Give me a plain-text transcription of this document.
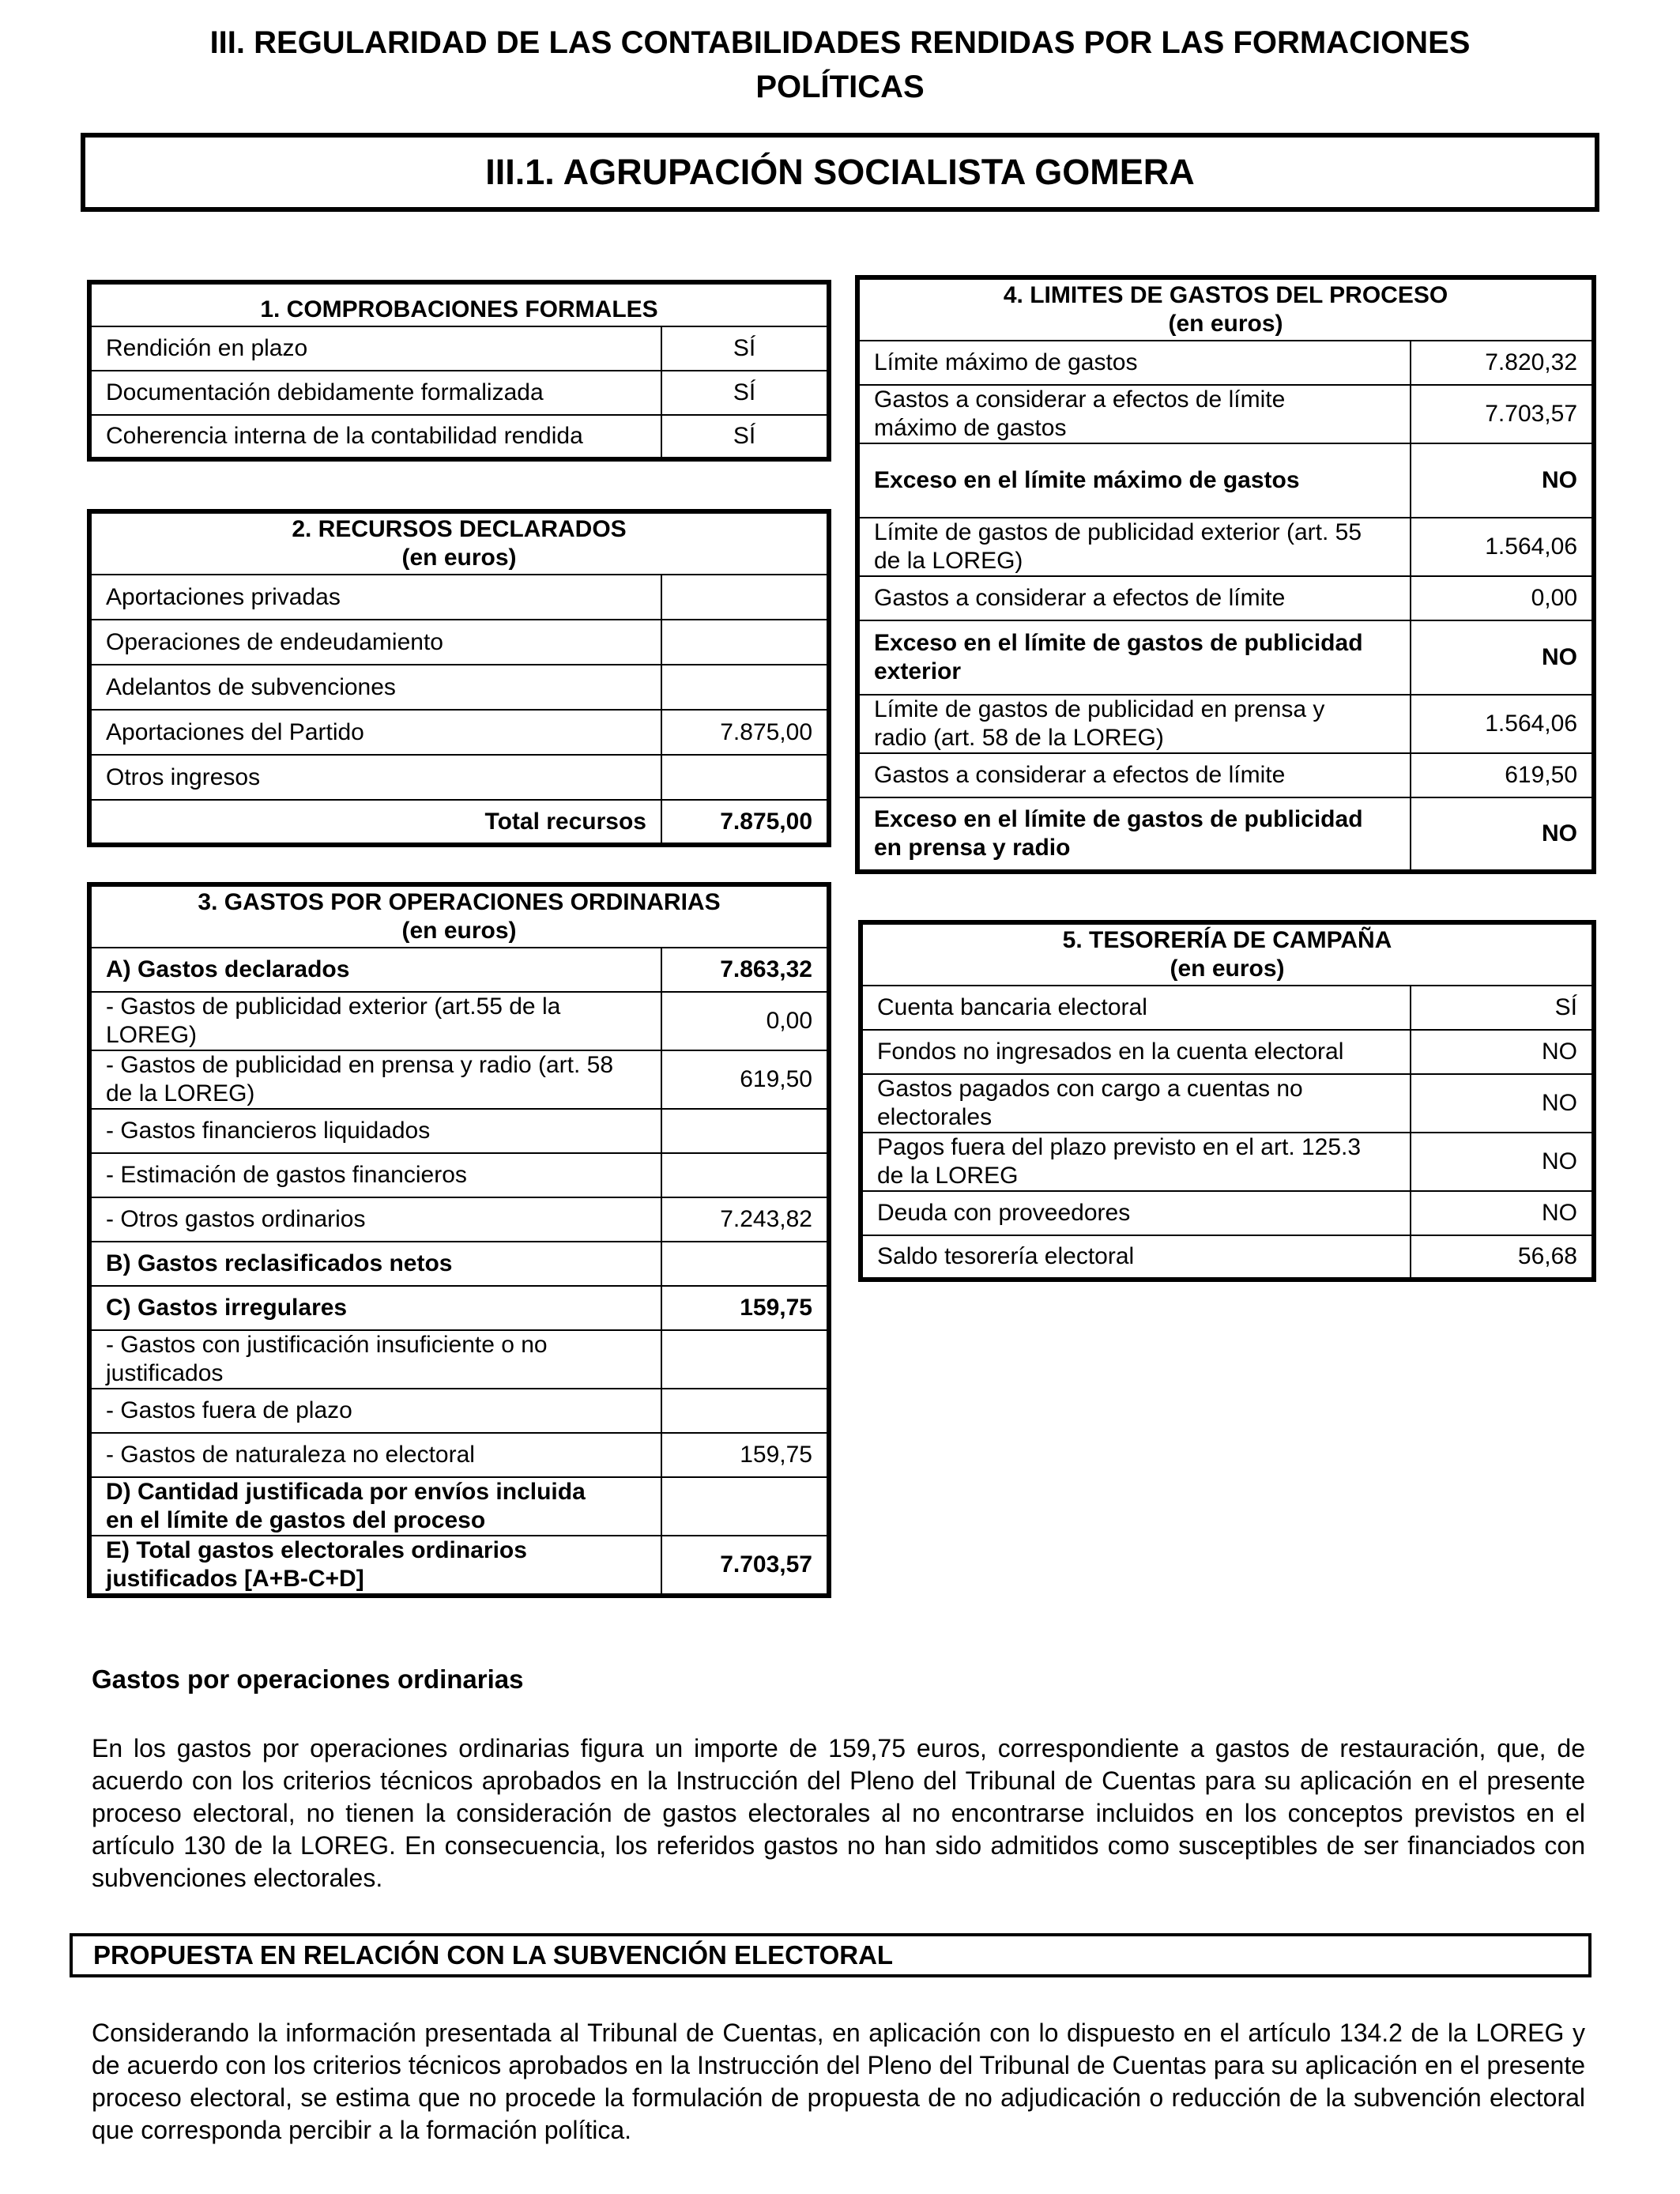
III. REGULARIDAD DE LAS CONTABILIDADES RENDIDAS POR LAS FORMACIONES
POLÍTICAS
III.1. AGRUPACIÓN SOCIALISTA GOMERA
1. COMPROBACIONES FORMALES	
Rendición en plazo	SÍ
Documentación debidamente formalizada	SÍ
Coherencia interna de la contabilidad rendida	SÍ
2. RECURSOS DECLARADOS
(en euros)	

Aportaciones privadas	
Operaciones de endeudamiento	
Adelantos de subvenciones	
Aportaciones del Partido	7.875,00
Otros ingresos	
Total recursos	7.875,00
3. GASTOS POR OPERACIONES ORDINARIAS
(en euros)	

A) Gastos declarados	7.863,32

- Gastos de publicidad exterior (art.55 de la
LOREG)	0,00

- Gastos de publicidad en prensa y radio (art. 58
de la LOREG)	619,50
- Gastos financieros liquidados	
- Estimación de gastos financieros	
- Otros gastos ordinarios	7.243,82
B) Gastos reclasificados netos	
C) Gastos irregulares	159,75

- Gastos con justificación insuficiente o no
justificados	

- Gastos fuera de plazo	
- Gastos de naturaleza no electoral	159,75

D) Cantidad justificada por envíos incluida
en el límite de gastos del proceso	

E) Total gastos electorales ordinarios
justificados [A+B-C+D]	7.703,57
4. LIMITES DE GASTOS DEL PROCESO
(en euros)	

Límite máximo de gastos	7.820,32

Gastos a considerar a efectos de límite
máximo de gastos	7.703,57
Exceso en el límite máximo de gastos	NO

Límite de gastos de publicidad exterior (art. 55
de la LOREG)	1.564,06
Gastos a considerar a efectos de límite	0,00

Exceso en el límite de gastos de publicidad
exterior	NO

Límite de gastos de publicidad en prensa y
radio (art. 58 de la LOREG)	1.564,06
Gastos a considerar a efectos de límite	619,50

Exceso en el límite de gastos de publicidad
en prensa y radio	NO
5. TESORERÍA DE CAMPAÑA
(en euros)	

Cuenta bancaria electoral	SÍ
Fondos no ingresados en la cuenta electoral	NO

Gastos pagados con cargo a cuentas no
electorales	NO

Pagos fuera del plazo previsto en el art. 125.3
de la LOREG	NO
Deuda con proveedores	NO
Saldo tesorería electoral	56,68
Gastos por operaciones ordinarias
En los gastos por operaciones ordinarias figura un importe de 159,75 euros, correspondiente a gastos de restauración, que, de acuerdo con los criterios técnicos aprobados en la Instrucción del Pleno del Tribunal de Cuentas para su aplicación en el presente proceso electoral, no tienen la consideración de gastos electorales al no encontrarse incluidos en los conceptos previstos en el artículo 130 de la LOREG. En consecuencia, los referidos gastos no han sido admitidos como susceptibles de ser financiados con subvenciones electorales.
PROPUESTA EN RELACIÓN CON LA SUBVENCIÓN ELECTORAL
Considerando la información presentada al Tribunal de Cuentas, en aplicación con lo dispuesto en el artículo 134.2 de la LOREG y de acuerdo con los criterios técnicos aprobados en la Instrucción del Pleno del Tribunal de Cuentas para su aplicación en el presente proceso electoral, se estima que no procede la formulación de propuesta de no adjudicación o reducción de la subvención electoral que corresponda percibir a la formación política.
